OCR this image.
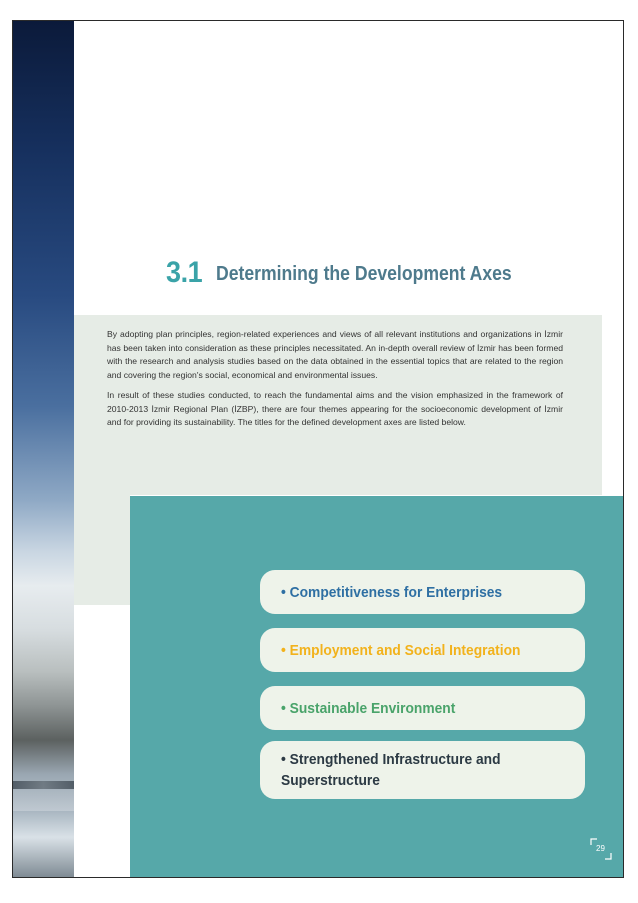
3.1 Determining the Development Axes

By adopting plan principles, region-related experiences and views of all relevant institutions and organizations in İzmir has been taken into consideration as these principles necessitated. An in-depth overall review of İzmir has been formed with the research and analysis studies based on the data obtained in the essential topics that are related to the region and covering the region's social, economical and environmental issues.

In result of these studies conducted, to reach the fundamental aims and the vision emphasized in the framework of 2010-2013 İzmir Regional Plan (İZBP), there are four themes appearing for the socioeconomic development of İzmir and for providing its sustainability. The titles for the defined development axes are listed below.

• Competitiveness for Enterprises
• Employment and Social Integration
• Sustainable Environment
• Strengthened Infrastructure and Superstructure
29
